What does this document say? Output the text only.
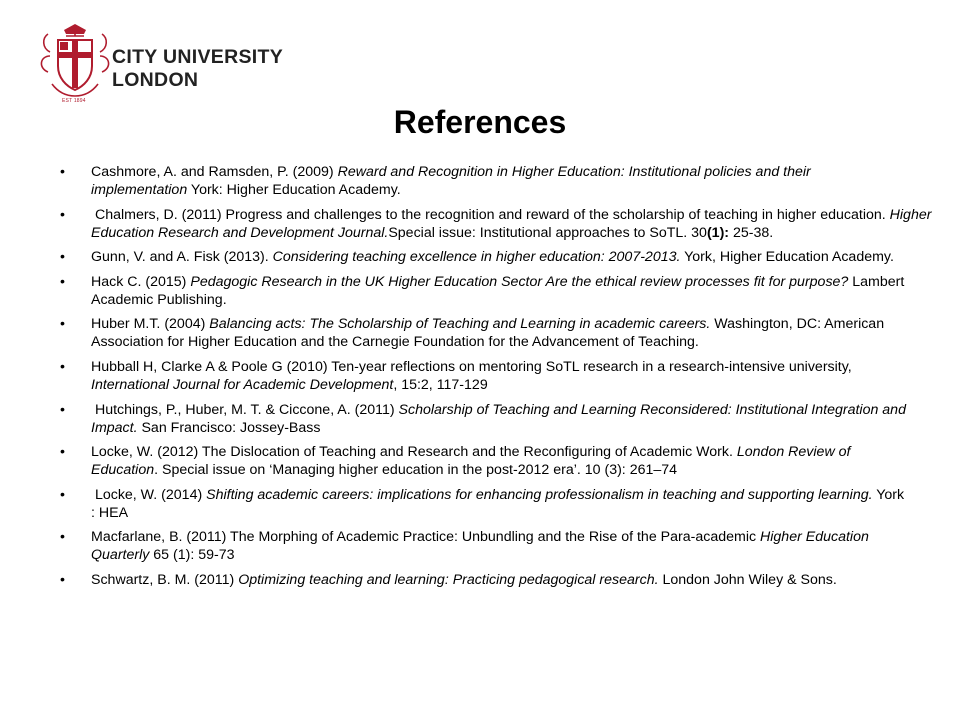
EST 1894
CITY UNIVERSITY
LONDON
References
• Cashmore, A. and Ramsden, P. (2009) Reward and Recognition in Higher Education: Institutional policies and their implementation York: Higher Education Academy.
• Chalmers, D. (2011) Progress and challenges to the recognition and reward of the scholarship of teaching in higher education. Higher Education Research and Development Journal.Special issue: Institutional approaches to SoTL. 30(1): 25-38.
• Gunn, V. and A. Fisk (2013). Considering teaching excellence in higher education: 2007-2013. York, Higher Education Academy.
• Hack C. (2015) Pedagogic Research in the UK Higher Education Sector Are the ethical review processes fit for purpose? Lambert Academic Publishing.
• Huber M.T. (2004) Balancing acts: The Scholarship of Teaching and Learning in academic careers. Washington, DC: American Association for Higher Education and the Carnegie Foundation for the Advancement of Teaching.
• Hubball H, Clarke A & Poole G (2010) Ten-year reflections on mentoring SoTL research in a research-intensive university, International Journal for Academic Development, 15:2, 117-129
• Hutchings, P., Huber, M. T. & Ciccone, A. (2011) Scholarship of Teaching and Learning Reconsidered: Institutional Integration and Impact. San Francisco: Jossey-Bass
• Locke, W. (2012) The Dislocation of Teaching and Research and the Reconfiguring of Academic Work. London Review of Education. Special issue on ‘Managing higher education in the post-2012 era’. 10 (3): 261–74
• Locke, W. (2014) Shifting academic careers: implications for enhancing professionalism in teaching and supporting learning. York : HEA
• Macfarlane, B. (2011) The Morphing of Academic Practice: Unbundling and the Rise of the Para-academic Higher Education Quarterly 65 (1): 59-73
• Schwartz, B. M. (2011) Optimizing teaching and learning: Practicing pedagogical research. London John Wiley & Sons.
